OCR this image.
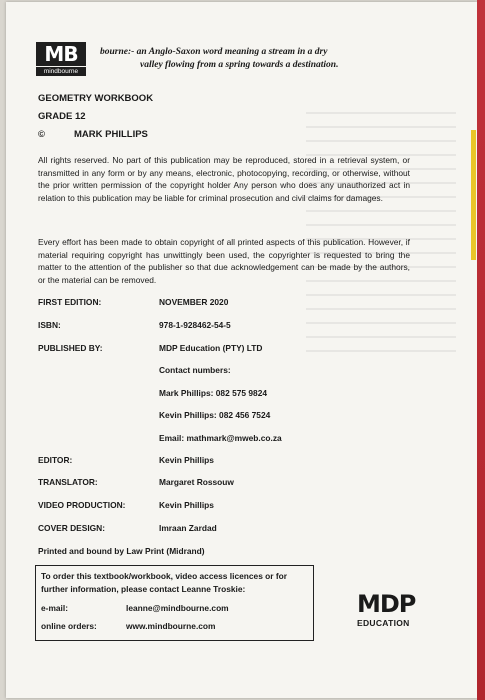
MB
mindbourne
bourne:- an Anglo-Saxon word meaning a stream in a dry
valley flowing from a spring towards a destination.
GEOMETRY WORKBOOK
GRADE 12
©	MARK PHILLIPS

All rights reserved. No part of this publication may be reproduced, stored in a retrieval system, or transmitted in any form or by any means, electronic, photocopying, recording, or otherwise, without the prior written permission of the copyright holder Any person who does any unauthorized act in relation to this publication may be liable for criminal prosecution and civil claims for damages.

Every effort has been made to obtain copyright of all printed aspects of this publication. However, if material requiring copyright has unwittingly been used, the copyrighter is requested to bring the matter to the attention of the publisher so that due acknowledgement can be made by the authors, or the material can be removed.

FIRST EDITION:	NOVEMBER 2020
ISBN:	978-1-928462-54-5
PUBLISHED BY:	MDP Education (PTY) LTD
Contact numbers:
Mark Phillips: 082 575 9824
Kevin Phillips: 082 456 7524
Email: mathmark@mweb.co.za
EDITOR:	Kevin Phillips
TRANSLATOR:	Margaret Rossouw
VIDEO PRODUCTION:	Kevin Phillips
COVER DESIGN:	Imraan Zardad
Printed and bound by Law Print (Midrand)
To order this textbook/workbook, video access licences or for
further information, please contact Leanne Troskie:
e-mail:	leanne@mindbourne.com
online orders:	www.mindbourne.com
MDP
EDUCATION
